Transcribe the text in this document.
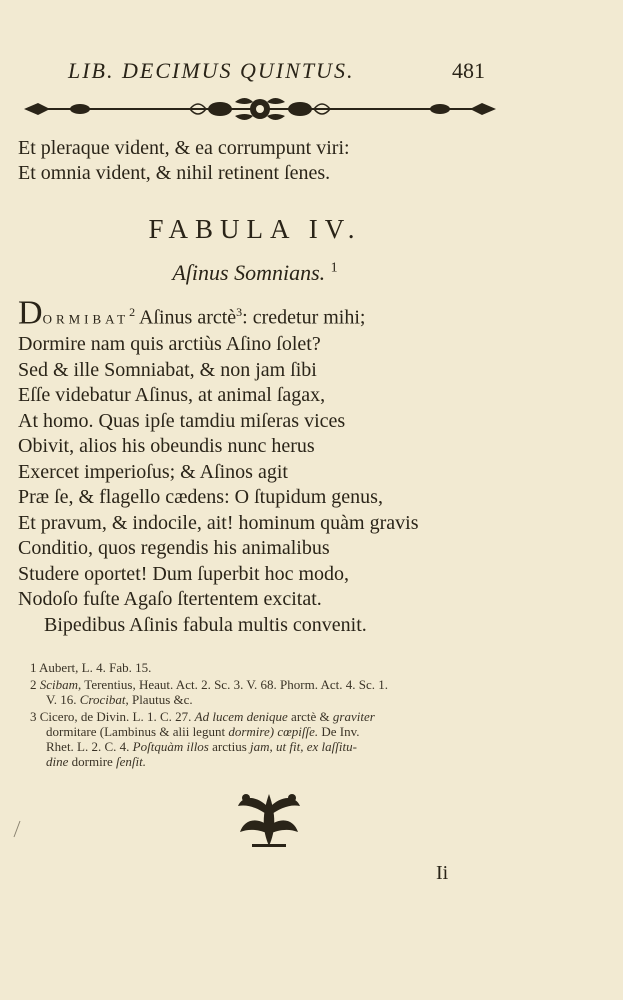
LIB. DECIMUS QUINTUS.	481
Et pleraque vident, & ea corrumpunt viri:
Et omnia vident, & nihil retinent ſenes.
FABULA IV.
Aſinus Somnians. $^1$
DORMIBAT$^2$ Aſinus arctè$^3$: credetur mihi;
Dormire nam quis arctiùs Aſino ſolet?
Sed & ille Somniabat, & non jam ſibi
Eſſe videbatur Aſinus, at animal ſagax,
At homo. Quas ipſe tamdiu miſeras vices
Obivit, alios his obeundis nunc herus
Exercet imperioſus; & Aſinos agit
Præ ſe, & flagello cædens: O ſtupidum genus,
Et pravum, & indocile, ait! hominum quàm gravis
Conditio, quos regendis his animalibus
Studere oportet! Dum ſuperbit hoc modo,
Nodoſo fuſte Agaſo ſtertentem excitat.
Bipedibus Aſinis fabula multis convenit.
1 Aubert, L. 4. Fab. 15.
2 Scibam, Terentius, Heaut. Act. 2. Sc. 3. V. 68. Phorm. Act. 4. Sc. 1.
V. 16. Crocibat, Plautus &c.
3 Cicero, de Divin. L. 1. C. 27. Ad lucem denique arctè & graviter
dormitare (Lambinus & alii legunt dormire) cœpiſſe. De Inv.
Rhet. L. 2. C. 4. Poſtquàm illos arctius jam, ut fit, ex laſſitu-
dine dormire ſenſit.
Ii
